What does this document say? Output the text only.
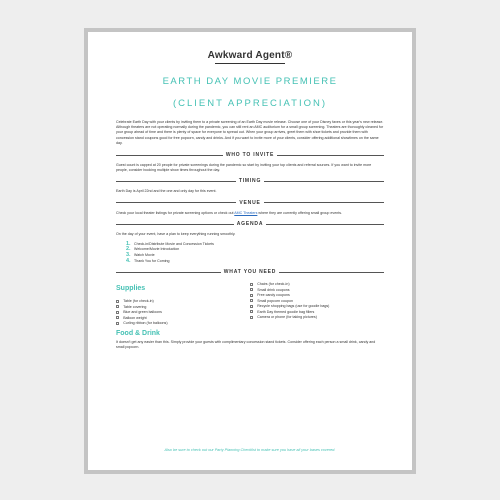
Awkward Agent®
EARTH DAY MOVIE PREMIERE
(CLIENT APPRECIATION)

Celebrate Earth Day with your clients by inviting them to a private screening of an Earth Day movie release. Choose one of your Disney faves or this year's new release. Although theaters are not operating normally during the pandemic, you can still rent an AMC auditorium for a small group screening. Theaters are thoroughly cleaned for your group ahead of time and there is plenty of space for everyone to spread out. When your group arrives, greet them with shoe tickets and provide them with concession stand coupons good for free popcorn, candy and drinks. And if you want to invite more of your clients, consider offering additional showtimes on the same day.

WHO TO INVITE

Guest count is capped at 20 people for private screenings during the pandemic so start by inviting your top clients and referral sources. If you want to invite more people, consider booking multiple show times throughout the day.

TIMING

Earth Day is April 22nd and the one and only day for this event.

VENUE

Check your local theater listings for private screening options or check out AMC Theaters where they are currently offering small group events.

AGENDA

On the day of your event, have a plan to keep everything running smoothly.

1. Check-in/Distribute Movie and Concession Tickets
2. Welcome/Movie Introduction
3. Watch Movie
4. Thank You for Coming
WHAT YOU NEED
Supplies
Table (for check-in)
Table covering
Blue and green balloons
Balloon weight
Curling ribbon (for balloons)
Chairs (for check-in)
Small drink coupons
Free candy coupons
Small popcorn coupon
Recycle shopping bags (use for goodie bags)
Earth Day themed goodie bag fillers
Camera or phone (for taking pictures)
Food & Drink

It doesn't get any easier than this. Simply provide your guests with complimentary concession stand tickets. Consider offering each person a small drink, candy and small popcorn.

Also be sure to check out our Party Planning Checklist to make sure you have all your bases covered.
